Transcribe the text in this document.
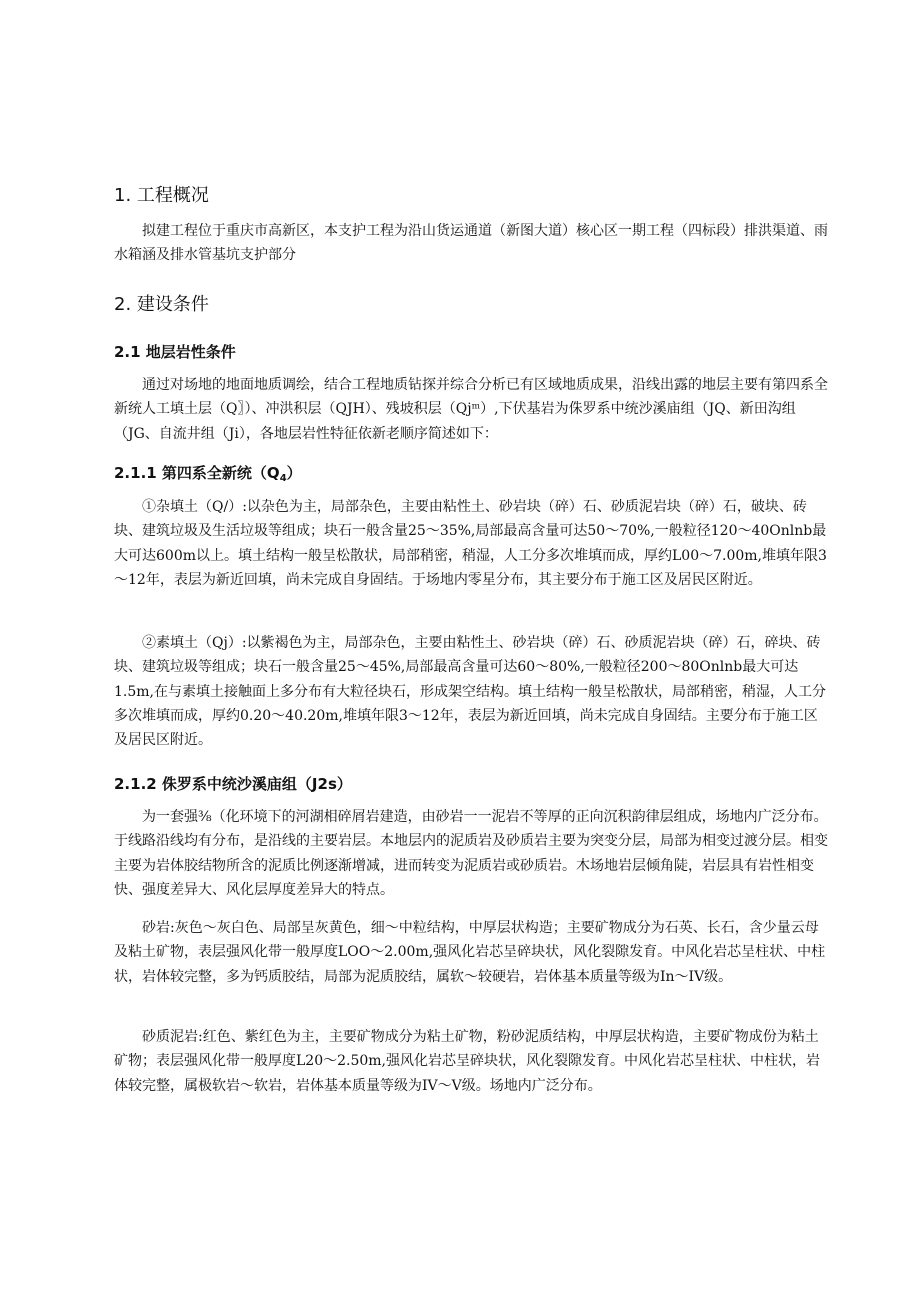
1. 工程概况

拟建工程位于重庆市高新区，本支护工程为沿山货运通道（新图大道）核心区一期工程（四标段）排洪渠道、雨水箱涵及排水管基坑支护部分

2. 建设条件
2.1 地层岩性条件

通过对场地的地面地质调绘，结合工程地质钻探并综合分析已有区域地质成果，沿线出露的地层主要有第四系全新统人工填土层（Q〗）、冲洪积层（QJH）、残坡积层（Qjᵐ）,下伏基岩为侏罗系中统沙溪庙组（JQ、新田沟组（JG、自流井组（Ji），各地层岩性特征依新老顺序简述如下：

2.1.1 第四系全新统$(Q_4)$

①杂填土（Q/）:以杂色为主，局部杂色，主要由粘性土、砂岩块（碎）石、砂质泥岩块（碎）石，破块、砖块、建筑垃圾及生活垃圾等组成；块石一般含量25～35%,局部最高含量可达50～70%,一般粒径120～40Onlnb最大可达600m以上。填土结构一般呈松散状，局部稍密，稍湿，人工分多次堆填而成，厚约L00～7.00m,堆填年限3～12年，表层为新近回填，尚未完成自身固结。于场地内零星分布，其主要分布于施工区及居民区附近。

②素填土（Qj）:以紫褐色为主，局部杂色，主要由粘性土、砂岩块（碎）石、砂质泥岩块（碎）石，碎块、砖块、建筑垃圾等组成；块石一般含量25～45%,局部最高含量可达60～80%,一般粒径200～80Onlnb最大可达1.5m,在与素填土接触面上多分布有大粒径块石，形成架空结构。填土结构一般呈松散状，局部稍密，稍湿，人工分多次堆填而成，厚约0.20～40.20m,堆填年限3～12年，表层为新近回填，尚未完成自身固结。主要分布于施工区及居民区附近。

2.1.2 侏罗系中统沙溪庙组（J2s）

为一套强⅜（化环境下的河湖相碎屑岩建造，由砂岩一一泥岩不等厚的正向沉积韵律层组成，场地内广泛分布。于线路沿线均有分布，是沿线的主要岩层。本地层内的泥质岩及砂质岩主要为突变分层，局部为相变过渡分层。相变主要为岩体胶结物所含的泥质比例逐渐增减，进而转变为泥质岩或砂质岩。木场地岩层倾角陡，岩层具有岩性相变快、强度差异大、风化层厚度差异大的特点。

砂岩:灰色～灰白色、局部呈灰黄色，细～中粒结构，中厚层状构造；主要矿物成分为石英、长石，含少量云母及粘土矿物，表层强风化带一般厚度LOO～2.00m,强风化岩芯呈碎块状，风化裂隙发育。中风化岩芯呈柱状、中柱状，岩体较完整，多为钙质胶结，局部为泥质胶结，属软～较硬岩，岩体基本质量等级为In～IV级。

砂质泥岩:红色、紫红色为主，主要矿物成分为粘土矿物，粉砂泥质结构，中厚层状构造，主要矿物成份为粘土矿物；表层强风化带一般厚度L20～2.50m,强风化岩芯呈碎块状，风化裂隙发育。中风化岩芯呈柱状、中柱状，岩体较完整，属极软岩～软岩，岩体基本质量等级为IV～V级。场地内广泛分布。
